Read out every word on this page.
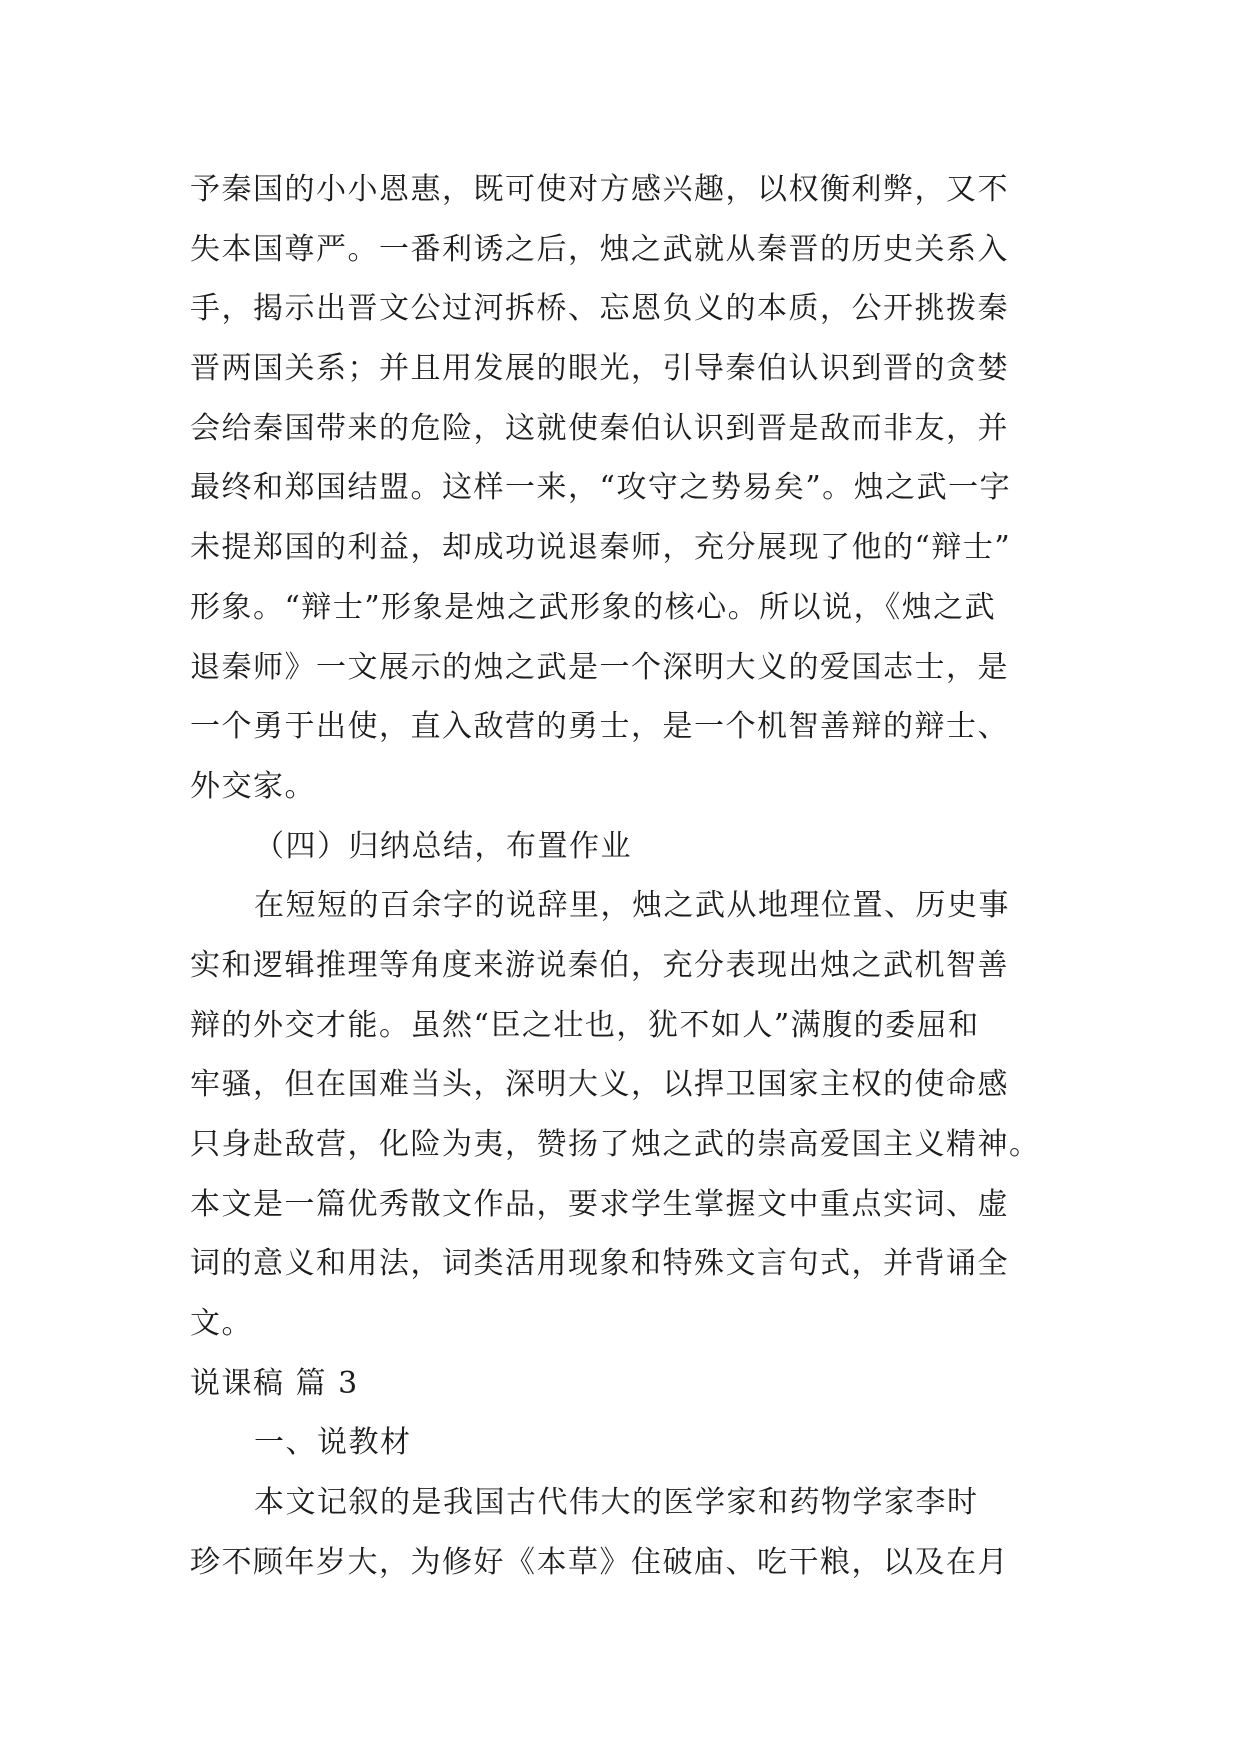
予秦国的小小恩惠，既可使对方感兴趣，以权衡利弊，又不
失本国尊严。一番利诱之后，烛之武就从秦晋的历史关系入
手，揭示出晋文公过河拆桥、忘恩负义的本质，公开挑拨秦
晋两国关系；并且用发展的眼光，引导秦伯认识到晋的贪婪
会给秦国带来的危险，这就使秦伯认识到晋是敌而非友，并
最终和郑国结盟。这样一来，“攻守之势易矣”。烛之武一字
未提郑国的利益，却成功说退秦师，充分展现了他的“辩士”
形象。“辩士”形象是烛之武形象的核心。所以说，《烛之武
退秦师》一文展示的烛之武是一个深明大义的爱国志士，是
一个勇于出使，直入敌营的勇士，是一个机智善辩的辩士、
外交家。
（四）归纳总结，布置作业
在短短的百余字的说辞里，烛之武从地理位置、历史事
实和逻辑推理等角度来游说秦伯，充分表现出烛之武机智善
辩的外交才能。虽然“臣之壮也，犹不如人”满腹的委屈和
牢骚，但在国难当头，深明大义，以捍卫国家主权的使命感
只身赴敌营，化险为夷，赞扬了烛之武的崇高爱国主义精神。
本文是一篇优秀散文作品，要求学生掌握文中重点实词、虚
词的意义和用法，词类活用现象和特殊文言句式，并背诵全
文。
说课稿 篇 3
一、说教材
本文记叙的是我国古代伟大的医学家和药物学家李时
珍不顾年岁大，为修好《本草》住破庙、吃干粮，以及在月
